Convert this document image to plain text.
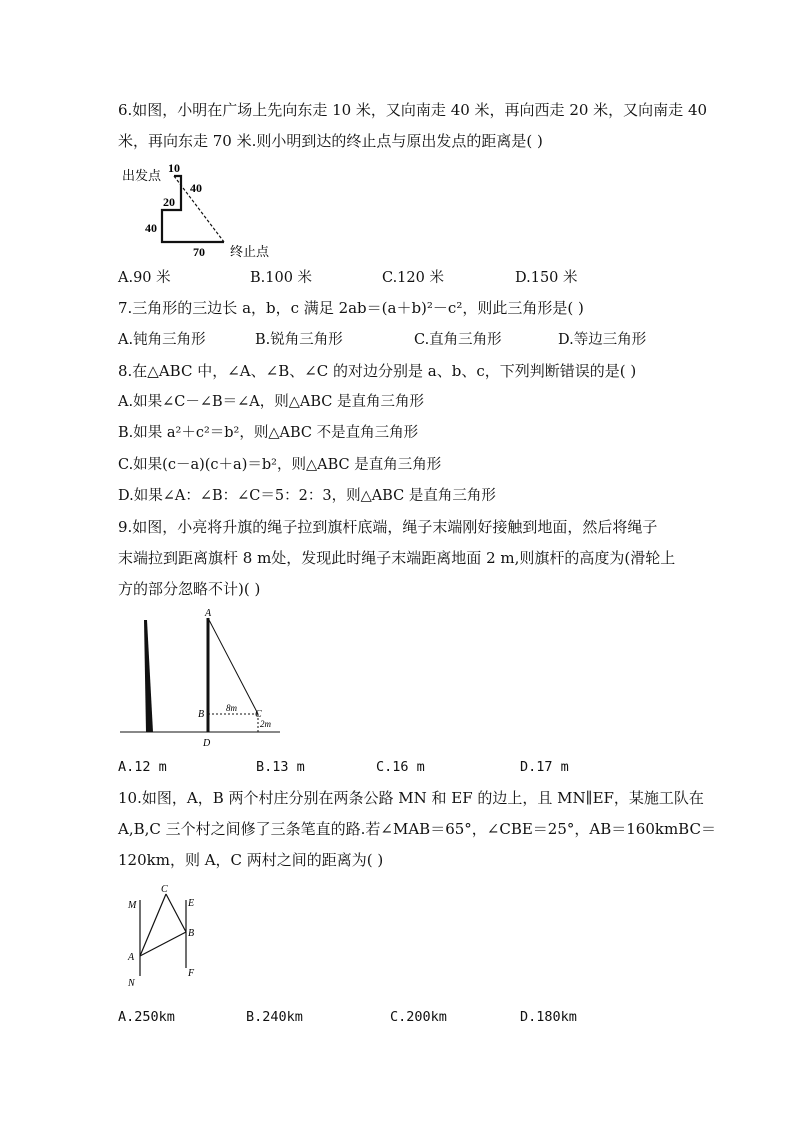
6.如图，小明在广场上先向东走 10 米，又向南走 40 米，再向西走 20 米，又向南走 40
米，再向东走 70 米.则小明到达的终止点与原出发点的距离是( )
出发点 10
40
20
40
70 终止点
A.90 米	B.100 米	C.120 米	D.150 米
7.三角形的三边长 a，b，c 满足 2ab＝(a＋b)²－c²，则此三角形是( )
A.钝角三角形	B.锐角三角形	C.直角三角形	D.等边三角形
8.在△ABC 中，∠A、∠B、∠C 的对边分别是 a、b、c，下列判断错误的是( )
A.如果∠C－∠B＝∠A，则△ABC 是直角三角形
B.如果 a²＋c²＝b²，则△ABC 不是直角三角形
C.如果(c－a)(c＋a)＝b²，则△ABC 是直角三角形
D.如果∠A：∠B：∠C＝5：2：3，则△ABC 是直角三角形
9.如图，小亮将升旗的绳子拉到旗杆底端，绳子末端刚好接触到地面，然后将绳子
末端拉到距离旗杆 8 m处，发现此时绳子末端距离地面 2 m,则旗杆的高度为(滑轮上
方的部分忽略不计)( )
A
B	C
D
8m
2m
A.12 m	B.13 m	C.16 m	D.17 m
10.如图，A，B 两个村庄分别在两条公路 MN 和 EF 的边上，且 MN∥EF，某施工队在
A,B,C 三个村之间修了三条笔直的路.若∠MAB＝65°，∠CBE＝25°，AB＝160kmBC＝
120km，则 A，C 两村之间的距离为( )
M
A
N
C
E
B
F
A.250km	B.240km	C.200km	D.180km
